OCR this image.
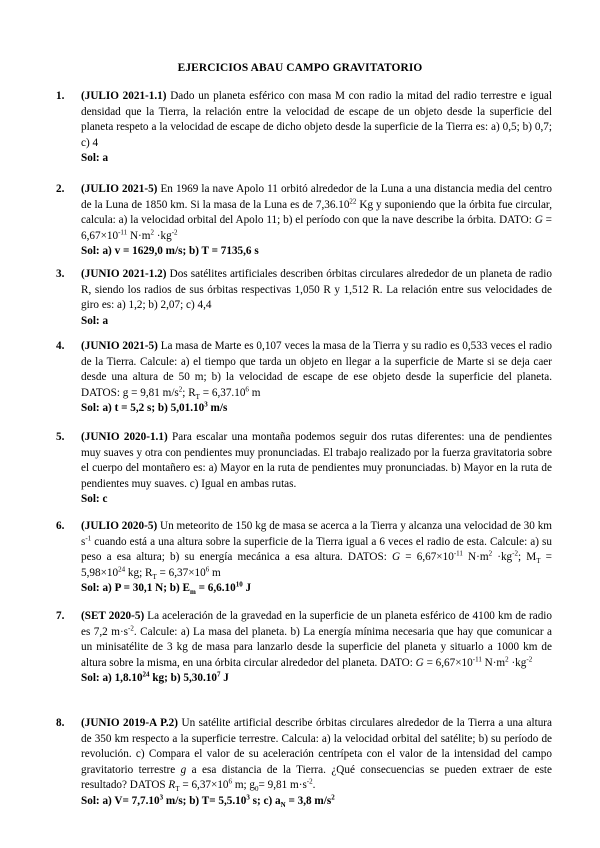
EJERCICIOS ABAU CAMPO GRAVITATORIO
1.	(JULIO 2021-1.1) Dado un planeta esférico con masa M con radio la mitad del radio terrestre e igual densidad que la Tierra, la relación entre la velocidad de escape de un objeto desde la superficie del planeta respeto a la velocidad de escape de dicho objeto desde la superficie de la Tierra es: a) 0,5; b) 0,7; c) 4

Sol: a

2.	(JULIO 2021-5) En 1969 la nave Apolo 11 orbitó alrededor de la Luna a una distancia media del centro de la Luna de 1850 km. Si la masa de la Luna es de 7,36.10$^{22}$ Kg y suponiendo que la órbita fue circular, calcula: a) la velocidad orbital del Apolo 11; b) el período con que la nave describe la órbita. DATO: $G = 6,67\times 10^{-11}$ $N\cdot m^2 \cdot kg^{-2}$

Sol: a) v = 1629,0 m/s; b) T = 7135,6 s

3.	(JUNIO 2021-1.2) Dos satélites artificiales describen órbitas circulares alrededor de un planeta de radio R, siendo los radios de sus órbitas respectivas 1,050 R y 1,512 R. La relación entre sus velocidades de giro es: a) 1,2; b) 2,07; c) 4,4

Sol: a

4.	(JUNIO 2021-5) La masa de Marte es 0,107 veces la masa de la Tierra y su radio es 0,533 veces el radio de la Tierra. Calcule: a) el tiempo que tarda un objeto en llegar a la superficie de Marte si se deja caer desde una altura de 50 m; b) la velocidad de escape de ese objeto desde la superficie del planeta. DATOS: g = 9,81 $m/s^2$; $R_T = 6,37.10^6$ m

Sol: a) t = 5,2 s; b) 5,01.10$^3$ m/s

5.	(JUNIO 2020-1.1) Para escalar una montaña podemos seguir dos rutas diferentes: una de pendientes muy suaves y otra con pendientes muy pronunciadas. El trabajo realizado por la fuerza gravitatoria sobre el cuerpo del montañero es: a) Mayor en la ruta de pendientes muy pronunciadas. b) Mayor en la ruta de pendientes muy suaves. c) Igual en ambas rutas.

Sol: c

6.	(JULIO 2020-5) Un meteorito de 150 kg de masa se acerca a la Tierra y alcanza una velocidad de 30 km $s^{-1}$ cuando está a una altura sobre la superficie de la Tierra igual a 6 veces el radio de esta. Calcule: a) su peso a esa altura; b) su energía mecánica a esa altura. DATOS: $G = 6,67\times 10^{-11}$ $N\cdot m^2 \cdot kg^{-2}$; $M_T = 5,98\times 10^{24}$ kg; $R_T = 6,37\times 10^6$ m

Sol: a) P = 30,1 N; b) $E_m = 6,6.10^{10}$ J

7.	(SET 2020-5) La aceleración de la gravedad en la superficie de un planeta esférico de 4100 km de radio es 7,2 $m\cdot s^{-2}$. Calcule: a) La masa del planeta. b) La energía mínima necesaria que hay que comunicar a un minisatélite de 3 kg de masa para lanzarlo desde la superficie del planeta y situarlo a 1000 km de altura sobre la misma, en una órbita circular alrededor del planeta. DATO: $G = 6,67\times 10^{-11}$ $N\cdot m^2 \cdot kg^{-2}$

Sol: a) 1,8.10$^{24}$ kg; b) 5,30.10$^7$ J

8.	(JUNIO 2019-A P.2) Un satélite artificial describe órbitas circulares alrededor de la Tierra a una altura de 350 km respecto a la superficie terrestre. Calcula: a) la velocidad orbital del satélite; b) su período de revolución. c) Compara el valor de su aceleración centrípeta con el valor de la intensidad del campo gravitatorio terrestre g a esa distancia de la Tierra. ¿Qué consecuencias se pueden extraer de este resultado? DATOS $R_T = 6,37\times 10^6$ m; $g_0= 9,81$ $m\cdot s^{-2}$.

Sol: a) $V= 7,7.10^3$ m/s; b) $T= 5,5.10^3$ s; c) $a_N = 3,8$ $m/s^2$
